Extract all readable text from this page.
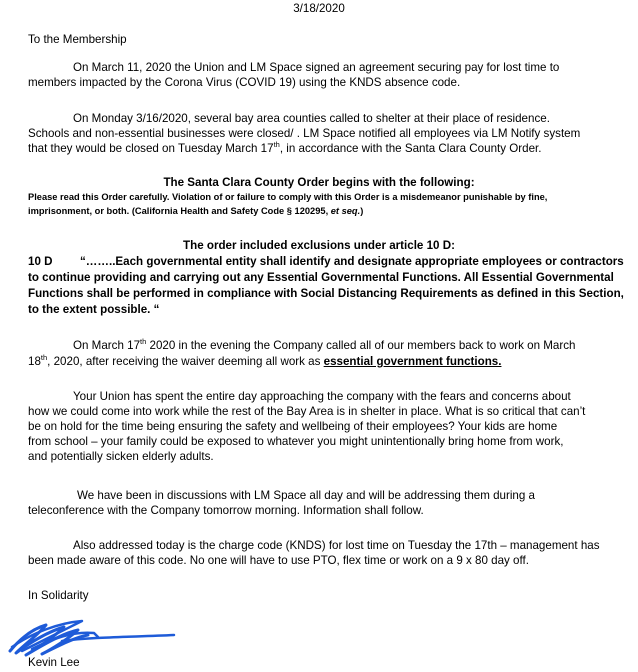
3/18/2020

To the Membership

On March 11, 2020 the Union and LM Space signed an agreement securing pay for lost time to

members impacted by the Corona Virus (COVID 19) using the KNDS absence code.

On Monday 3/16/2020, several bay area counties called to shelter at their place of residence.

Schools and non-essential businesses were closed/ . LM Space notified all employees via LM Notify system

that they would be closed on Tuesday March 17th, in accordance with the Santa Clara County Order.

The Santa Clara County Order begins with the following:

Please read this Order carefully. Violation of or failure to comply with this Order is a misdemeanor punishable by fine,

imprisonment, or both. (California Health and Safety Code § 120295, et seq.)

The order included exclusions under article 10 D:

10 D “……..Each governmental entity shall identify and designate appropriate employees or contractors

to continue providing and carrying out any Essential Governmental Functions. All Essential Governmental

Functions shall be performed in compliance with Social Distancing Requirements as defined in this Section,

to the extent possible. “

On March 17th 2020 in the evening the Company called all of our members back to work on March

18th, 2020, after receiving the waiver deeming all work as essential government functions.

Your Union has spent the entire day approaching the company with the fears and concerns about

how we could come into work while the rest of the Bay Area is in shelter in place. What is so critical that can’t

be on hold for the time being ensuring the safety and wellbeing of their employees? Your kids are home

from school – your family could be exposed to whatever you might unintentionally bring home from work,

and potentially sicken elderly adults.

We have been in discussions with LM Space all day and will be addressing them during a

teleconference with the Company tomorrow morning. Information shall follow.

Also addressed today is the charge code (KNDS) for lost time on Tuesday the 17th – management has

been made aware of this code. No one will have to use PTO, flex time or work on a 9 x 80 day off.

In Solidarity

Kevin Lee
